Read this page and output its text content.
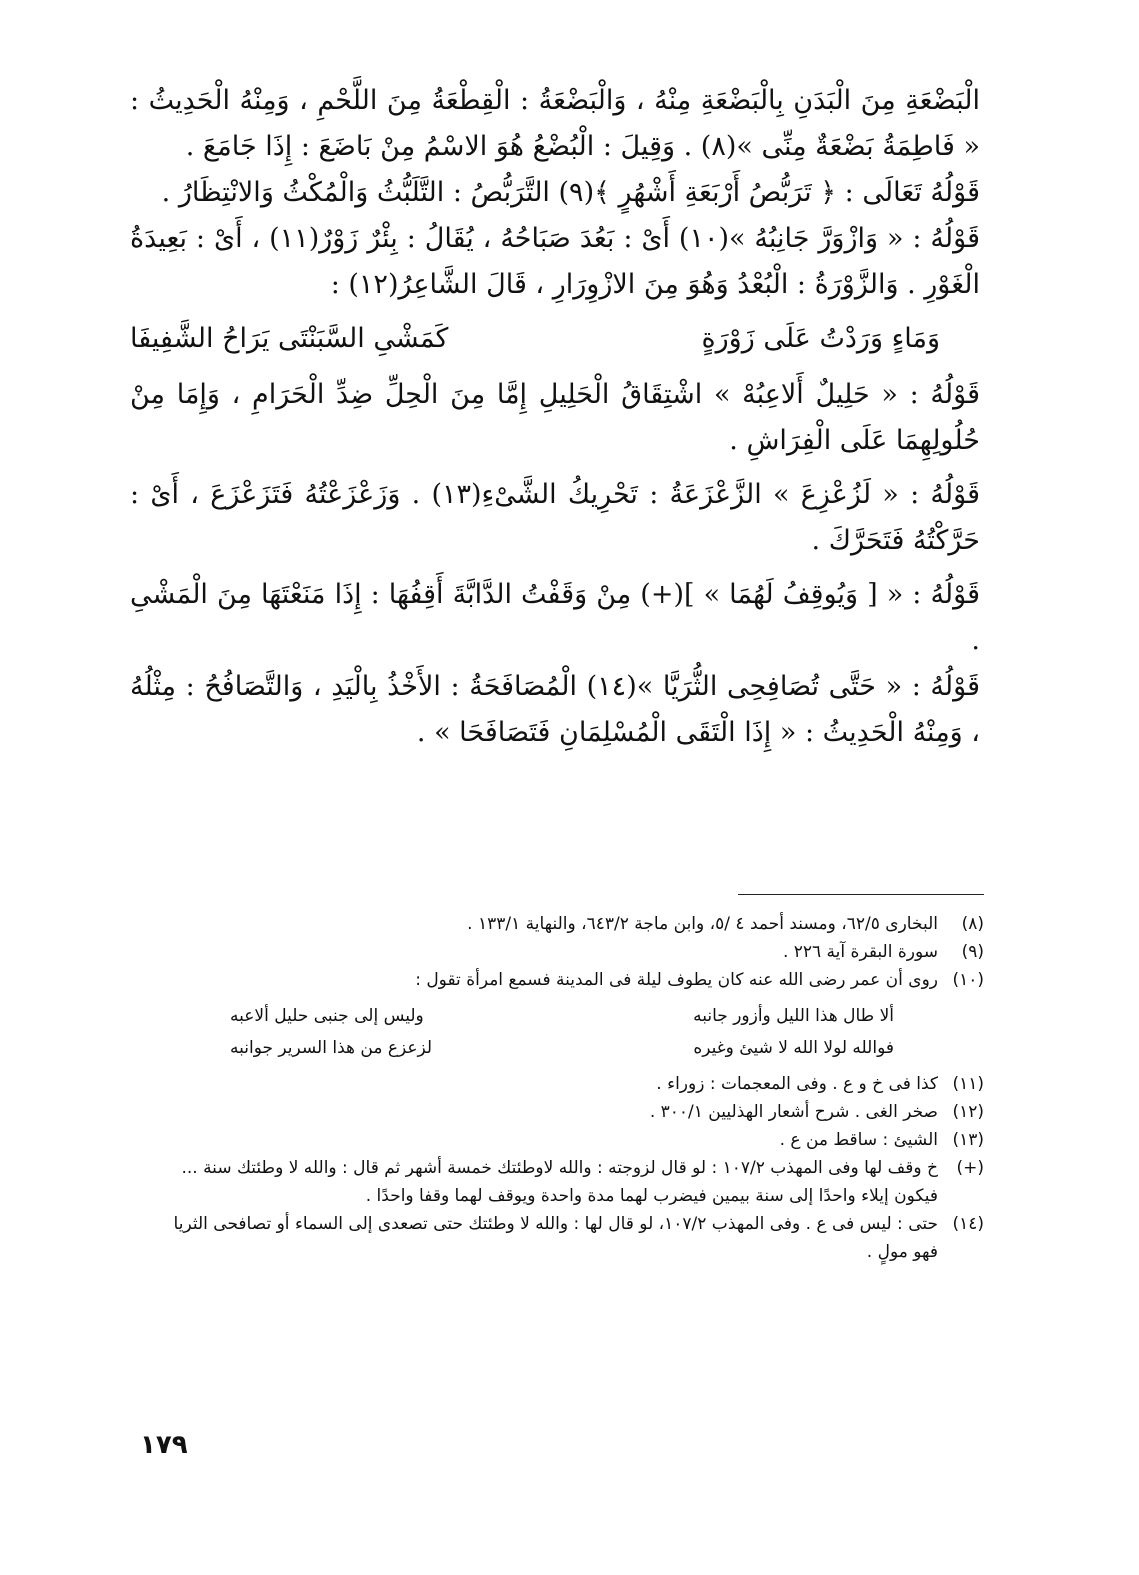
الْبَضْعَةِ مِنَ الْبَدَنِ بِالْبَضْعَةِ مِنْهُ ، وَالْبَضْعَةُ : الْقِطْعَةُ مِنَ اللَّحْمِ ، وَمِنْهُ الْحَدِيثُ : « فَاطِمَةُ بَضْعَةٌ مِنِّى »(٨) . وَقِيلَ : الْبُضْعُ هُوَ الاسْمُ مِنْ بَاضَعَ : إِذَا جَامَعَ .

قَوْلُهُ تَعَالَى : ﴿ تَرَبُّصُ أَرْبَعَةِ أَشْهُرٍ ﴾(٩) التَّرَبُّصُ : التَّلَبُّثُ وَالْمُكْثُ وَالانْتِظَارُ .

قَوْلُهُ : « وَازْوَرَّ جَانِبُهُ »(١٠) أَىْ : بَعُدَ صَبَاحُهُ ، يُقَالُ : بِئْرٌ زَوْرٌ(١١) ، أَىْ : بَعِيدَةُ الْغَوْرِ . وَالزَّوْرَةُ : الْبُعْدُ وَهُوَ مِنَ الازْوِرَارِ ، قَالَ الشَّاعِرُ(١٢) :

وَمَاءٍ وَرَدْتُ عَلَى زَوْرَةٍ
كَمَشْىِ السَّبَنْتَى يَرَاحُ الشَّفِيفَا

قَوْلُهُ : « حَلِيلٌ أَلاعِبُهْ » اشْتِقَاقُ الْحَلِيلِ إِمَّا مِنَ الْحِلِّ ضِدِّ الْحَرَامِ ، وَإِمَا مِنْ حُلُولِهِمَا عَلَى الْفِرَاشِ .

قَوْلُهُ : « لَزُعْزِعَ » الزَّعْزَعَةُ : تَحْرِيكُ الشَّىْءِ(١٣) . وَزَعْزَعْتُهُ فَتَزَعْزَعَ ، أَىْ : حَرَّكْتُهُ فَتَحَرَّكَ .

قَوْلُهُ : « [ وَيُوقِفُ لَهُمَا » ](+) مِنْ وَقَفْتُ الدَّابَّةَ أَقِفُهَا : إِذَا مَنَعْتَهَا مِنَ الْمَشْىِ .

قَوْلُهُ : « حَتَّى تُصَافِحِى الثُّرَيَّا »(١٤) الْمُصَافَحَةُ : الأَخْذُ بِالْيَدِ ، وَالتَّصَافُحُ : مِثْلُهُ ، وَمِنْهُ الْحَدِيثُ : « إِذَا الْتَقَى الْمُسْلِمَانِ فَتَصَافَحَا » .

(٨)
البخارى ٦٢/٥، ومسند أحمد ٤ /٥، وابن ماجة ٦٤٣/٢، والنهاية ١٣٣/١ .
(٩)
سورة البقرة آية ٢٢٦ .
(١٠)
روى أن عمر رضى الله عنه كان يطوف ليلة فى المدينة فسمع امرأة تقول :
ألا طال هذا الليل وأزور جانبه
وليس إلى جنبى حليل ألاعبه
فوالله لولا الله لا شيئ وغيره
لزعزع من هذا السرير جوانبه
(١١)
كذا فى خ و ع . وفى المعجمات : زوراء .
(١٢)
صخر الغى . شرح أشعار الهذليين ٣٠٠/١ .
(١٣)
الشيئ : ساقط من ع .
(+)
خ وقف لها وفى المهذب ١٠٧/٢ : لو قال لزوجته : والله لاوطئتك خمسة أشهر ثم قال : والله لا وطئتك سنة ... فيكون إيلاء واحدًا إلى سنة بيمين فيضرب لهما مدة واحدة ويوقف لهما وقفا واحدًا .
(١٤)
حتى : ليس فى ع . وفى المهذب ١٠٧/٢، لو قال لها : والله لا وطئتك حتى تصعدى إلى السماء أو تصافحى الثريا فهو مولٍ .
١٧٩
